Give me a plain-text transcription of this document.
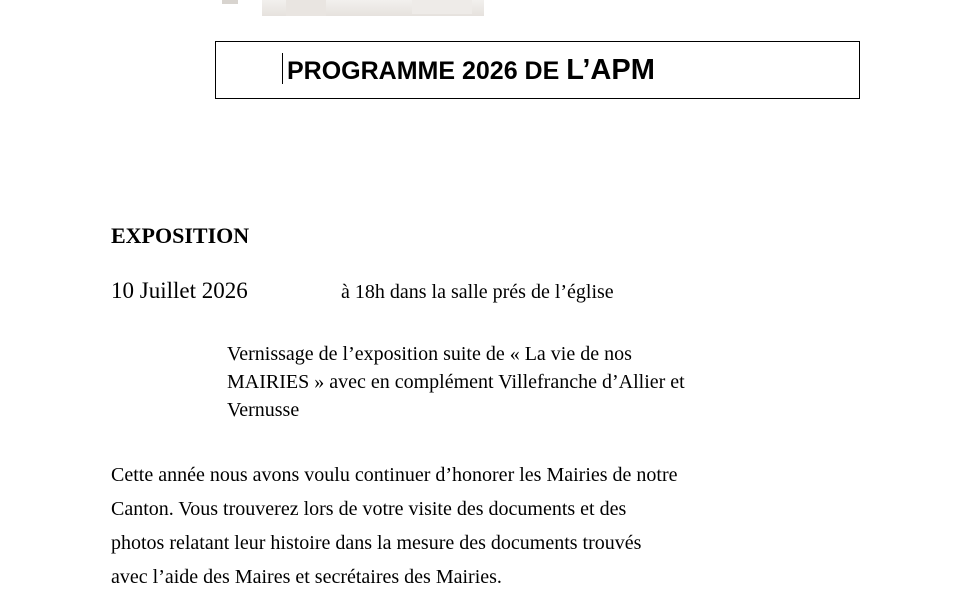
PROGRAMME 2026 DE L’APM
EXPOSITION
10 Juillet 2026	à 18h dans la salle prés de l’église
Vernissage de l’exposition suite de « La vie de nos
MAIRIES » avec en complément Villefranche d’Allier et
Vernusse
Cette année nous avons voulu continuer d’honorer les Mairies de notre
Canton. Vous trouverez lors de votre visite des documents et des
photos relatant leur histoire dans la mesure des documents trouvés
avec l’aide des Maires et secrétaires des Mairies.
